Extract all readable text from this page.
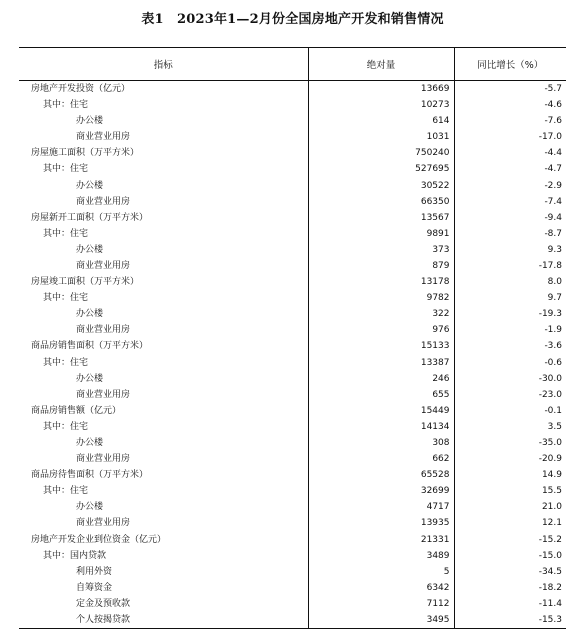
表1　2023年1—2月份全国房地产开发和销售情况
指标	绝对量	同比增长（%）
房地产开发投资（亿元）	13669	-5.7
其中：住宅	10273	-4.6
办公楼	614	-7.6
商业营业用房	1031	-17.0
房屋施工面积（万平方米）	750240	-4.4
其中：住宅	527695	-4.7
办公楼	30522	-2.9
商业营业用房	66350	-7.4
房屋新开工面积（万平方米）	13567	-9.4
其中：住宅	9891	-8.7
办公楼	373	9.3
商业营业用房	879	-17.8
房屋竣工面积（万平方米）	13178	8.0
其中：住宅	9782	9.7
办公楼	322	-19.3
商业营业用房	976	-1.9
商品房销售面积（万平方米）	15133	-3.6
其中：住宅	13387	-0.6
办公楼	246	-30.0
商业营业用房	655	-23.0
商品房销售额（亿元）	15449	-0.1
其中：住宅	14134	3.5
办公楼	308	-35.0
商业营业用房	662	-20.9
商品房待售面积（万平方米）	65528	14.9
其中：住宅	32699	15.5
办公楼	4717	21.0
商业营业用房	13935	12.1
房地产开发企业到位资金（亿元）	21331	-15.2
其中：国内贷款	3489	-15.0
利用外资	5	-34.5
自筹资金	6342	-18.2
定金及预收款	7112	-11.4
个人按揭贷款	3495	-15.3
